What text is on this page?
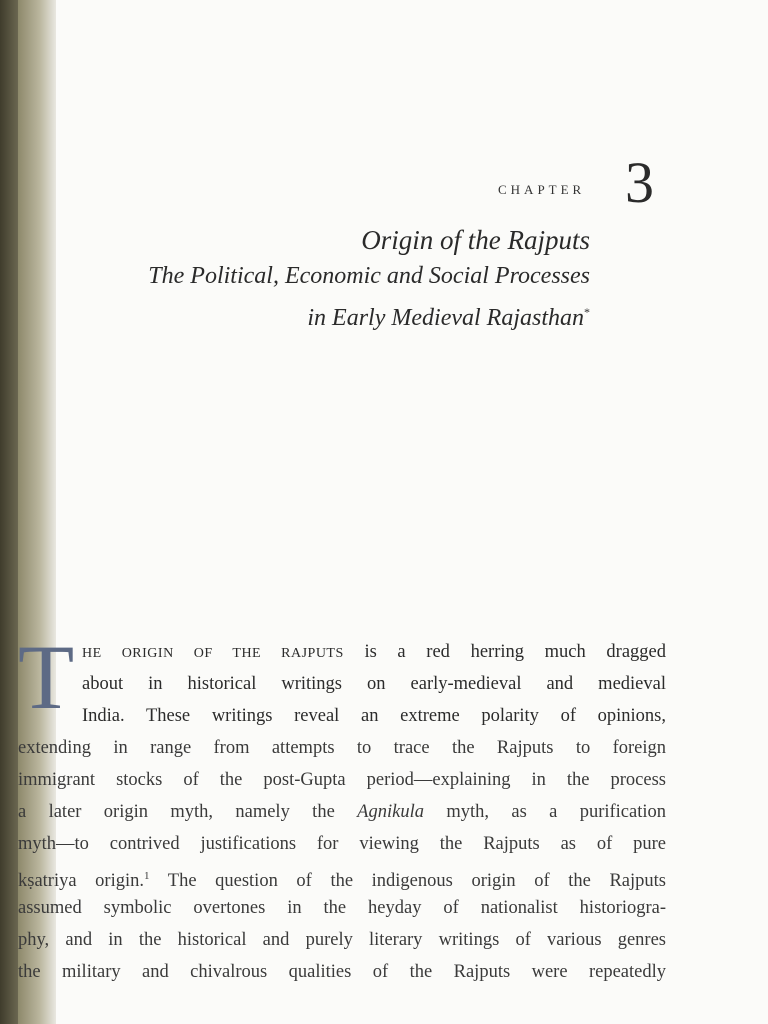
CHAPTER 3
Origin of the Rajputs
The Political, Economic and Social Processes
in Early Medieval Rajasthan*
T HE ORIGIN OF THE RAJPUTS is a red herring much dragged
about in historical writings on early-medieval and medieval
India. These writings reveal an extreme polarity of opinions,
extending in range from attempts to trace the Rajputs to foreign
immigrant stocks of the post-Gupta period—explaining in the process
a later origin myth, namely the Agnikula myth, as a purification
myth—to contrived justifications for viewing the Rajputs as of pure
kṣatriya origin.$^1$ The question of the indigenous origin of the Rajputs
assumed symbolic overtones in the heyday of nationalist historiogra-
phy, and in the historical and purely literary writings of various genres
the military and chivalrous qualities of the Rajputs were repeatedly
